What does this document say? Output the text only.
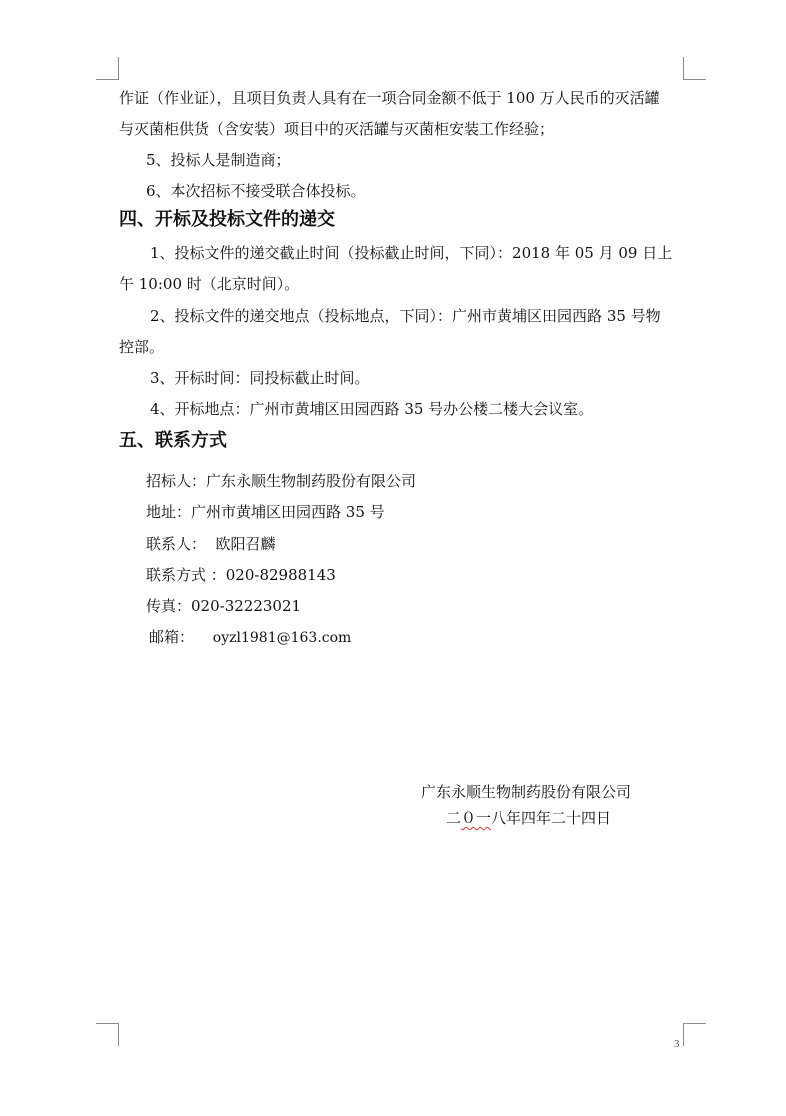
作证（作业证），且项目负责人具有在一项合同金额不低于 100 万人民币的灭活罐
与灭菌柜供货（含安装）项目中的灭活罐与灭菌柜安装工作经验；
5、投标人是制造商；
6、本次招标不接受联合体投标。
四、开标及投标文件的递交
1、投标文件的递交截止时间（投标截止时间，下同）：2018 年 05 月 09 日上
午 10:00 时（北京时间）。
2、投标文件的递交地点（投标地点，下同）：广州市黄埔区田园西路 35 号物
控部。
3、开标时间：同投标截止时间。
4、开标地点：广州市黄埔区田园西路 35 号办公楼二楼大会议室。
五、联系方式
招标人：广东永顺生物制药股份有限公司
地址：广州市黄埔区田园西路 35 号
联系人：  欧阳召麟
联系方式 ：020-82988143
传真：020-32223021
邮箱： oyzl1981@163.com
广东永顺生物制药股份有限公司
二０一八年四年二十四日
3
